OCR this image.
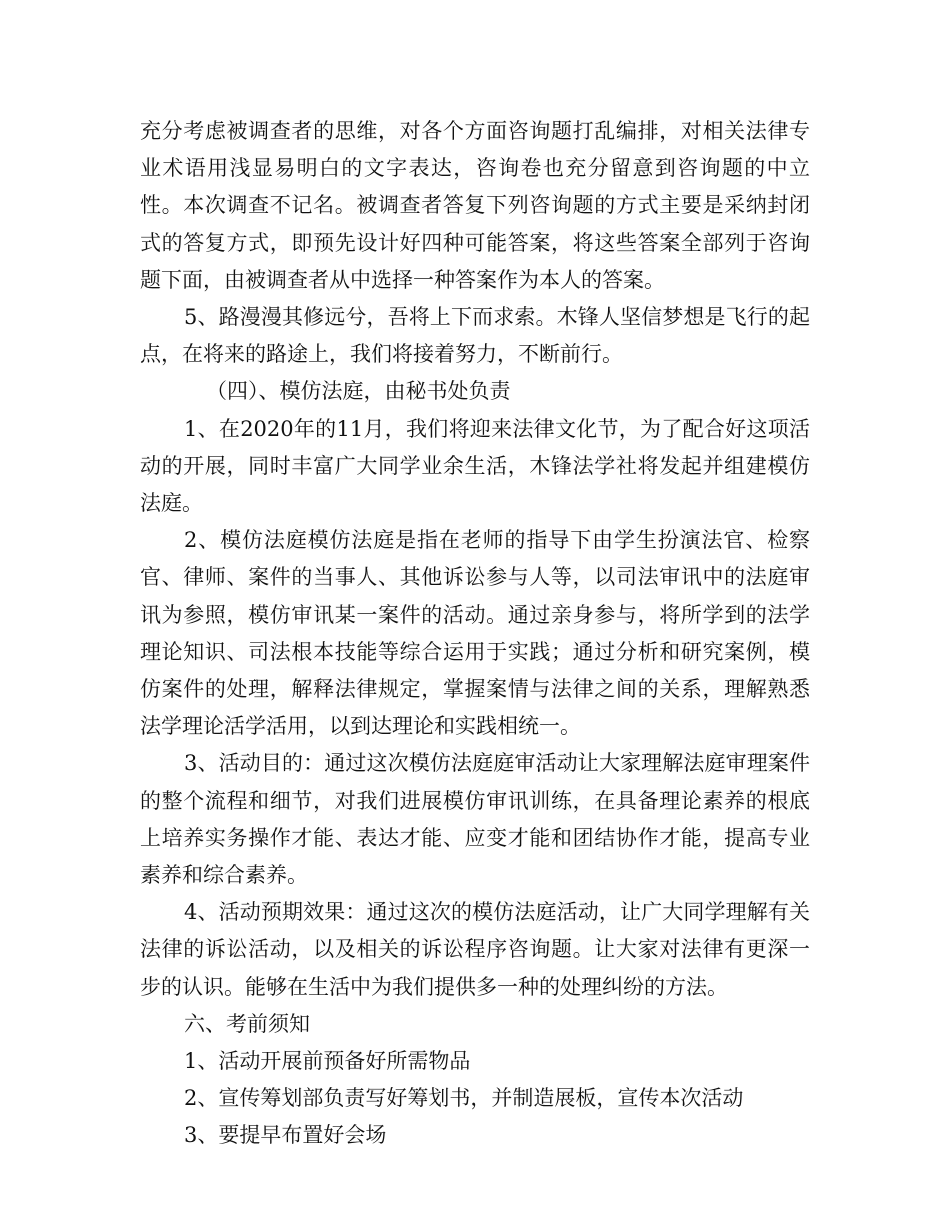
充分考虑被调查者的思维，对各个方面咨询题打乱编排，对相关法律专业术语用浅显易明白的文字表达，咨询卷也充分留意到咨询题的中立性。本次调查不记名。被调查者答复下列咨询题的方式主要是采纳封闭式的答复方式，即预先设计好四种可能答案，将这些答案全部列于咨询题下面，由被调查者从中选择一种答案作为本人的答案。

5、路漫漫其修远兮，吾将上下而求索。木锋人坚信梦想是飞行的起点，在将来的路途上，我们将接着努力，不断前行。

（四）、模仿法庭，由秘书处负责

1、在2020年的11月，我们将迎来法律文化节，为了配合好这项活动的开展，同时丰富广大同学业余生活，木锋法学社将发起并组建模仿法庭。

2、模仿法庭模仿法庭是指在老师的指导下由学生扮演法官、检察官、律师、案件的当事人、其他诉讼参与人等，以司法审讯中的法庭审讯为参照，模仿审讯某一案件的活动。通过亲身参与，将所学到的法学理论知识、司法根本技能等综合运用于实践；通过分析和研究案例，模仿案件的处理，解释法律规定，掌握案情与法律之间的关系，理解熟悉法学理论活学活用，以到达理论和实践相统一。

3、活动目的：通过这次模仿法庭庭审活动让大家理解法庭审理案件的整个流程和细节，对我们进展模仿审讯训练，在具备理论素养的根底上培养实务操作才能、表达才能、应变才能和团结协作才能，提高专业素养和综合素养。

4、活动预期效果：通过这次的模仿法庭活动，让广大同学理解有关法律的诉讼活动，以及相关的诉讼程序咨询题。让大家对法律有更深一步的认识。能够在生活中为我们提供多一种的处理纠纷的方法。

六、考前须知

1、活动开展前预备好所需物品

2、宣传筹划部负责写好筹划书，并制造展板，宣传本次活动

3、要提早布置好会场
